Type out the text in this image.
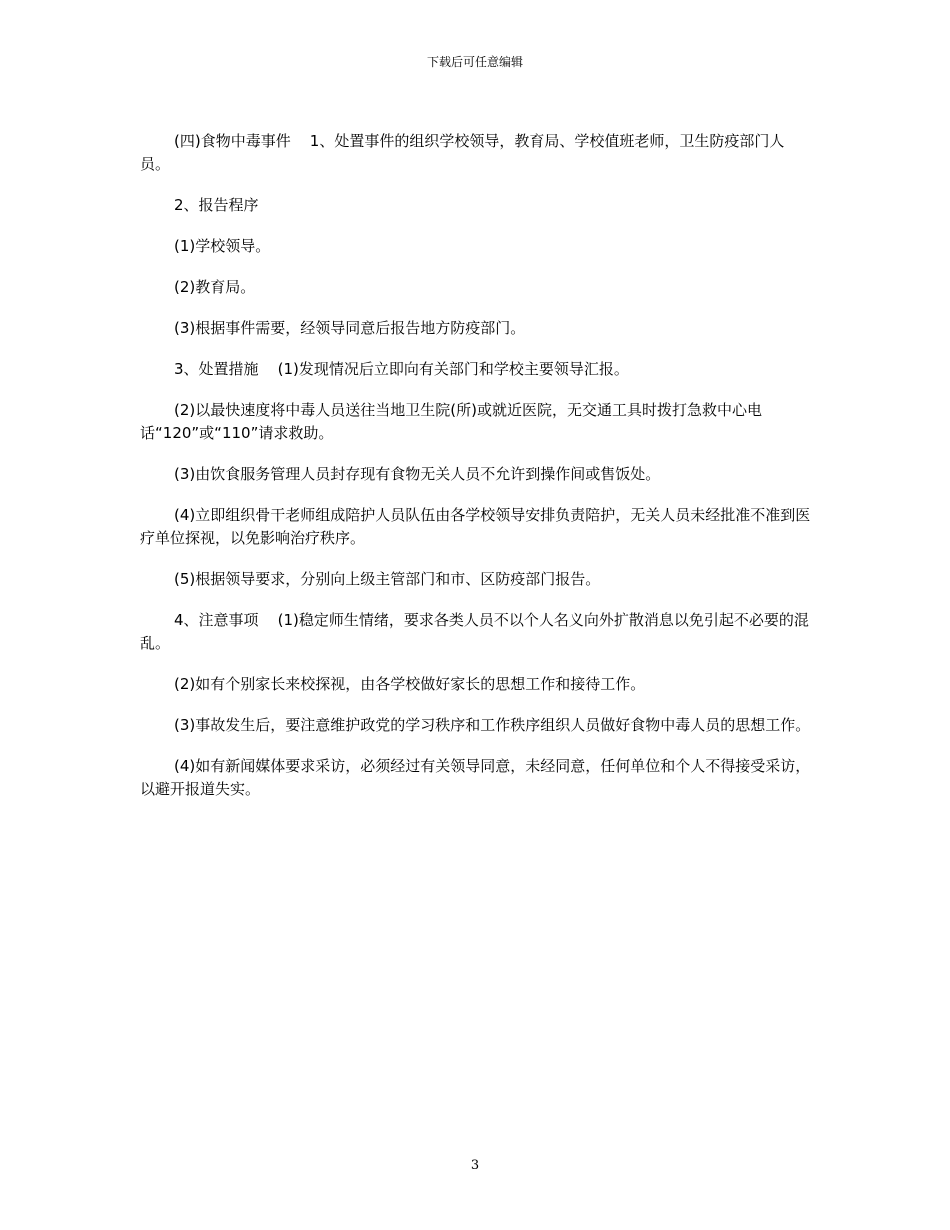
下载后可任意编辑

(四)食物中毒事件    1、处置事件的组织学校领导，教育局、学校值班老师，卫生防疫部门人员。

2、报告程序

(1)学校领导。

(2)教育局。

(3)根据事件需要，经领导同意后报告地方防疫部门。

3、处置措施    (1)发现情况后立即向有关部门和学校主要领导汇报。

(2)以最快速度将中毒人员送往当地卫生院(所)或就近医院，无交通工具时拨打急救中心电话“120”或“110”请求救助。

(3)由饮食服务管理人员封存现有食物无关人员不允许到操作间或售饭处。

(4)立即组织骨干老师组成陪护人员队伍由各学校领导安排负责陪护，无关人员未经批准不准到医疗单位探视，以免影响治疗秩序。

(5)根据领导要求，分别向上级主管部门和市、区防疫部门报告。

4、注意事项    (1)稳定师生情绪，要求各类人员不以个人名义向外扩散消息以免引起不必要的混乱。

(2)如有个别家长来校探视，由各学校做好家长的思想工作和接待工作。

(3)事故发生后，要注意维护政党的学习秩序和工作秩序组织人员做好食物中毒人员的思想工作。

(4)如有新闻媒体要求采访，必须经过有关领导同意，未经同意，任何单位和个人不得接受采访，以避开报道失实。

3
